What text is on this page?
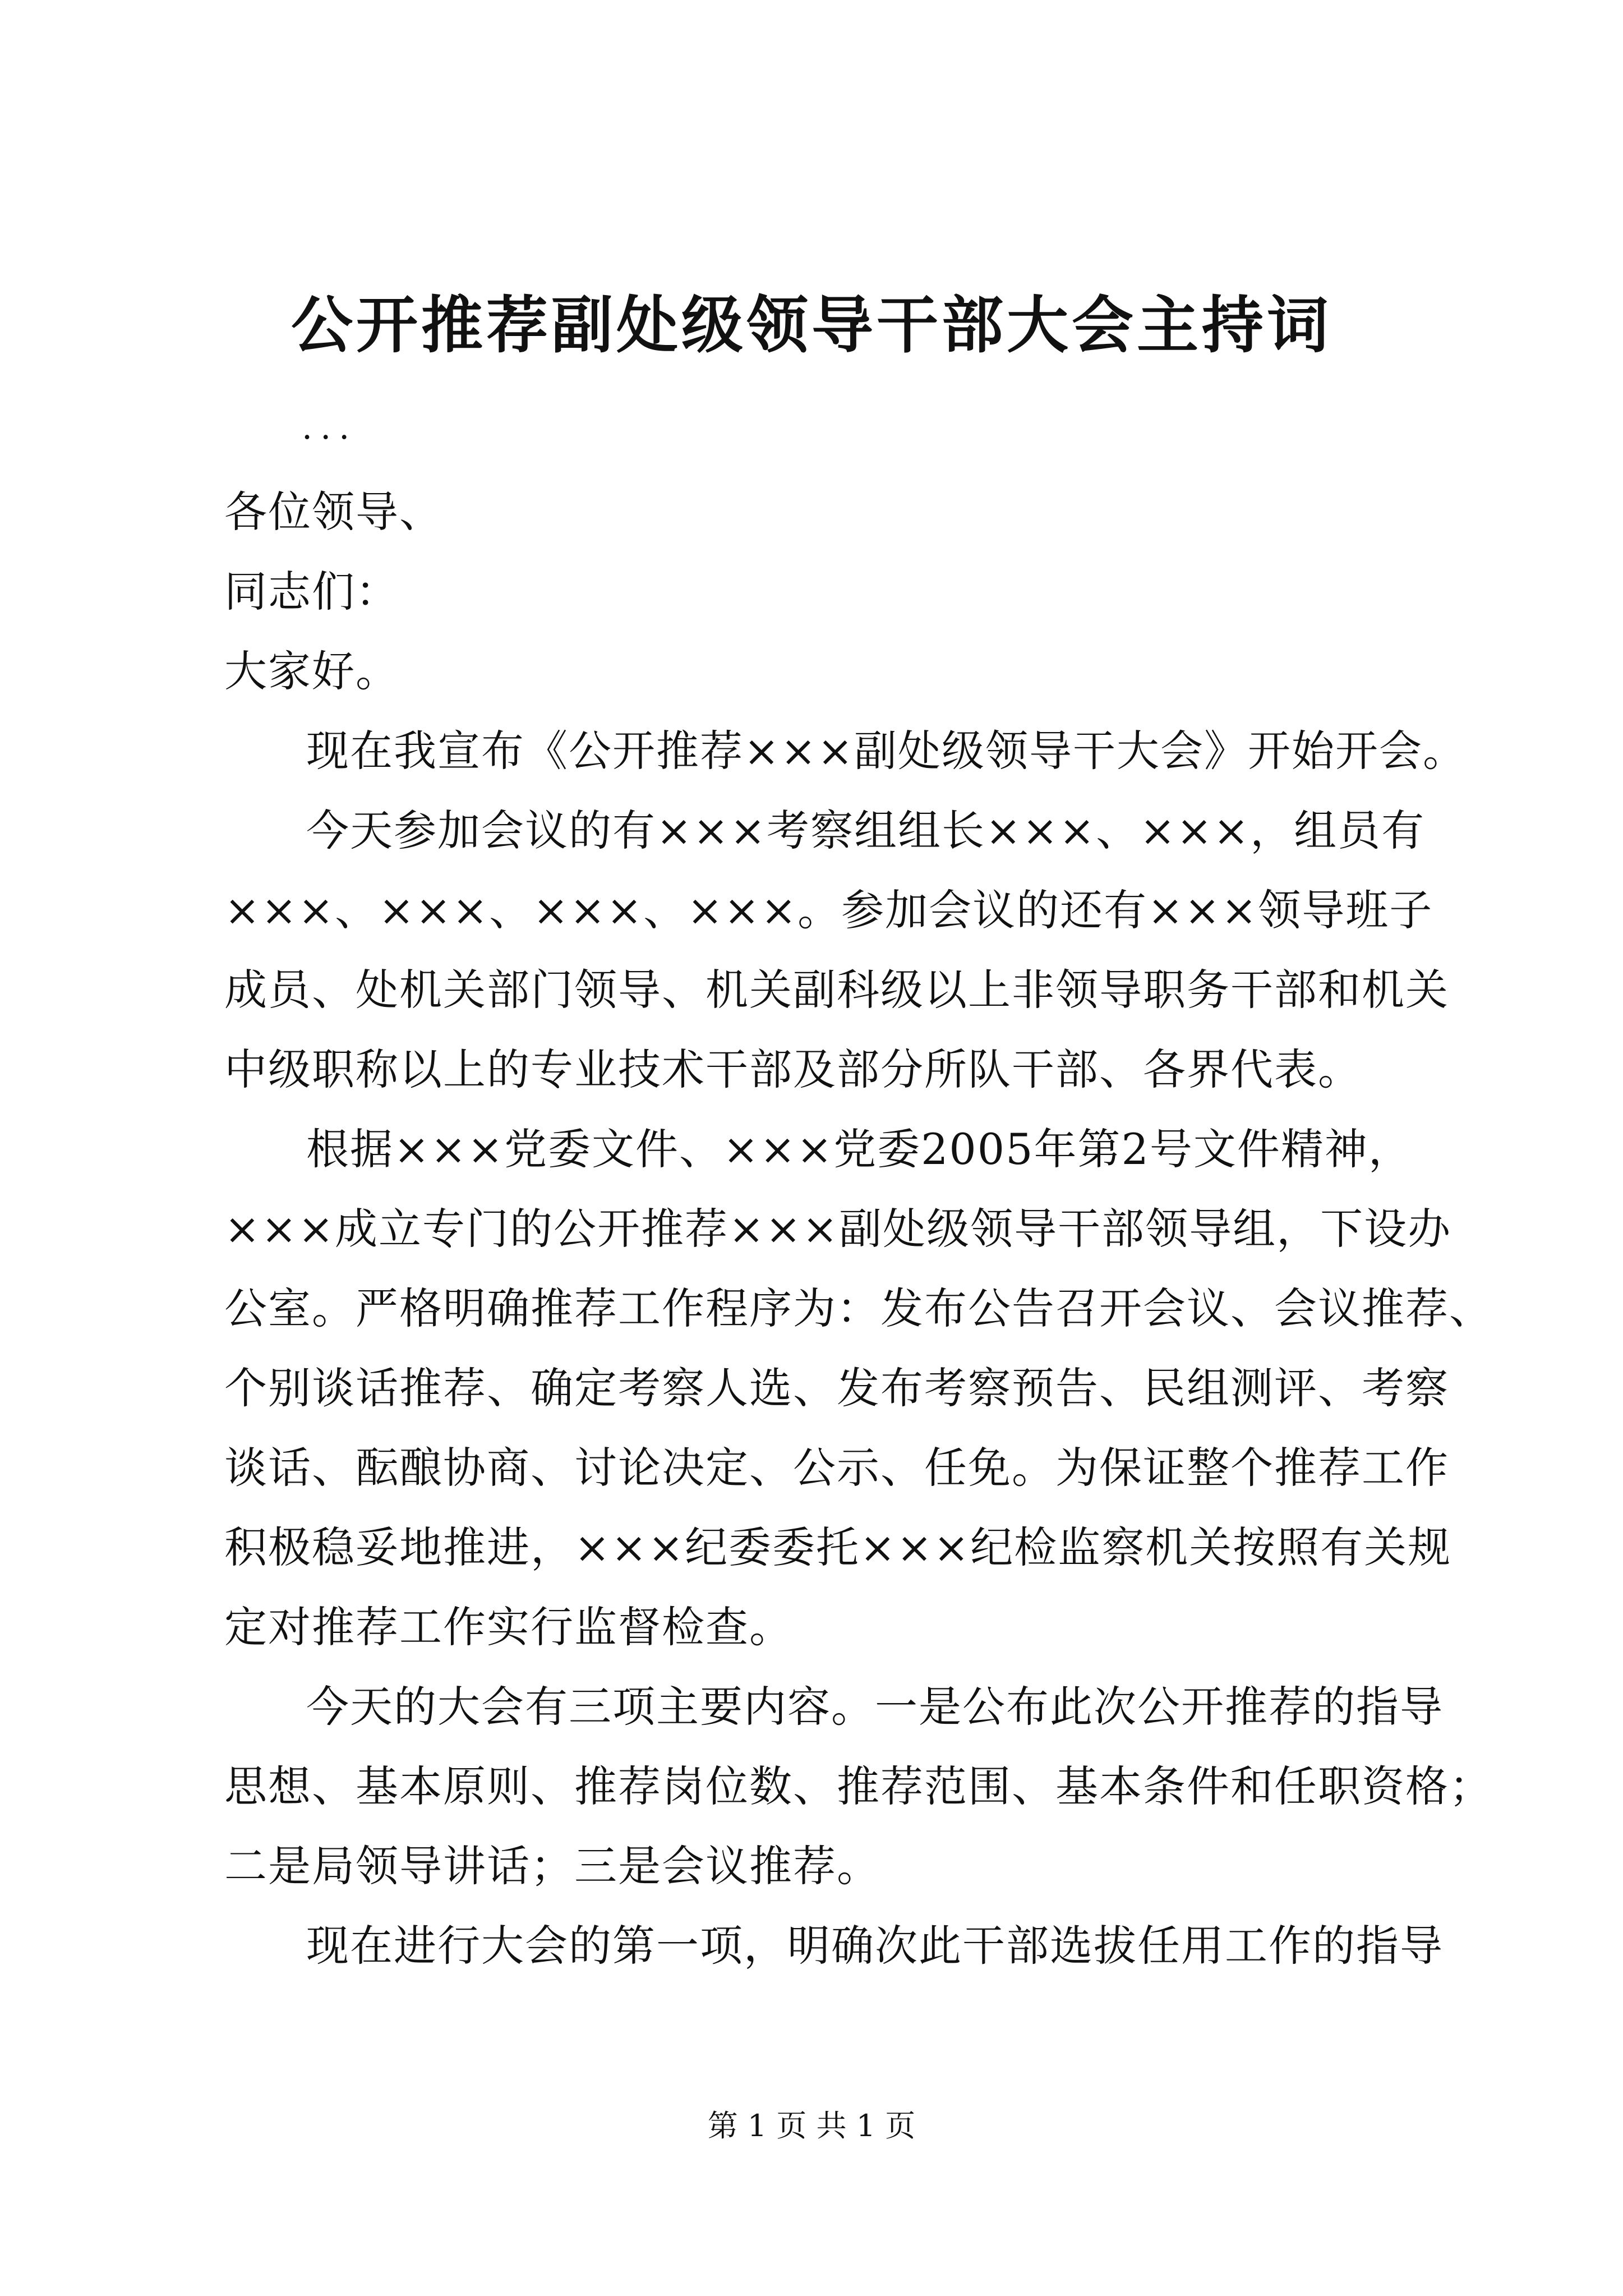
公开推荐副处级领导干部大会主持词
...
各位领导、
同志们：
大家好。
现在我宣布《公开推荐×××副处级领导干大会》开始开会。
今天参加会议的有×××考察组组长×××、×××，组员有
×××、×××、×××、×××。参加会议的还有×××领导班子
成员、处机关部门领导、机关副科级以上非领导职务干部和机关
中级职称以上的专业技术干部及部分所队干部、各界代表。
根据×××党委文件、×××党委2005年第2号文件精神，
×××成立专门的公开推荐×××副处级领导干部领导组，下设办
公室。严格明确推荐工作程序为：发布公告召开会议、会议推荐、
个别谈话推荐、确定考察人选、发布考察预告、民组测评、考察
谈话、酝酿协商、讨论决定、公示、任免。为保证整个推荐工作
积极稳妥地推进，×××纪委委托×××纪检监察机关按照有关规
定对推荐工作实行监督检查。
今天的大会有三项主要内容。一是公布此次公开推荐的指导
思想、基本原则、推荐岗位数、推荐范围、基本条件和任职资格；
二是局领导讲话；三是会议推荐。
现在进行大会的第一项，明确次此干部选拔任用工作的指导
第 1 页 共 1 页
